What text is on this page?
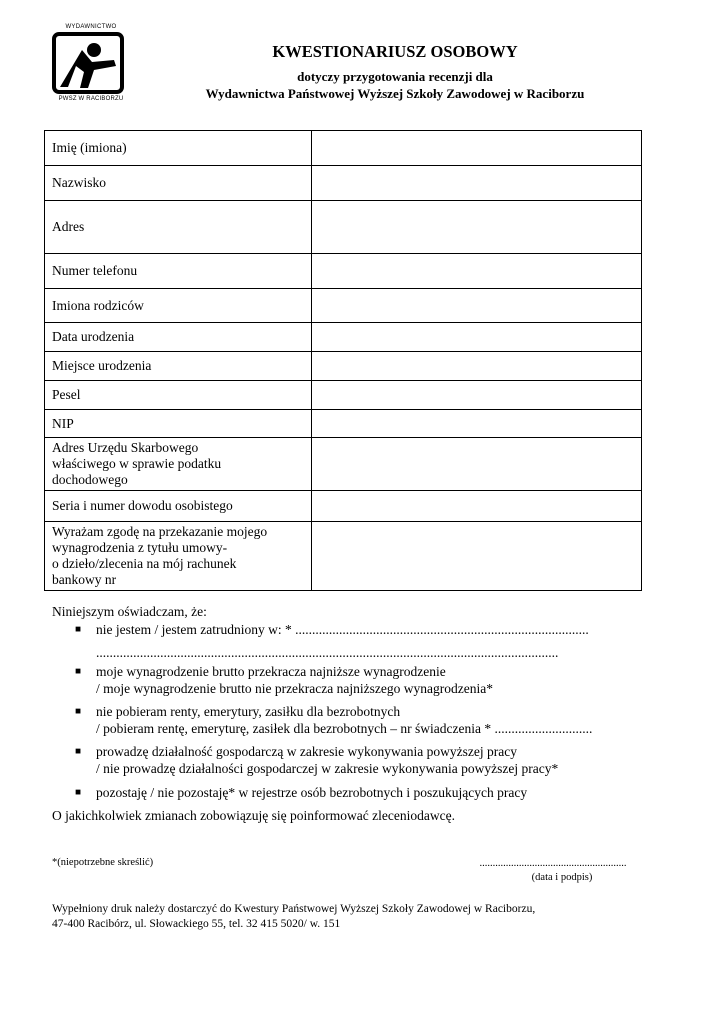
WYDAWNICTWO
PWSZ W RACIBORZU
KWESTIONARIUSZ OSOBOWY
dotyczy przygotowania recenzji dla
Wydawnictwa Państwowej Wyższej Szkoły Zawodowej w Raciborzu
Imię (imiona)	
Nazwisko	
Adres	
Numer telefonu	
Imiona rodziców	
Data urodzenia	
Miejsce urodzenia	
Pesel	
NIP	

Adres Urzędu Skarbowego
właściwego w sprawie podatku
dochodowego	

Seria i numer dowodu osobistego	

Wyrażam zgodę na przekazanie mojego
wynagrodzenia z tytułu umowy-
o dzieło/zlecenia na mój rachunek
bankowy nr	

Niniejszym oświadczam, że:
■ nie jestem / jestem zatrudniony w: * .......................................................................................
.........................................................................................................................................
■ moje wynagrodzenie brutto przekracza najniższe wynagrodzenie
/ moje wynagrodzenie brutto nie przekracza najniższego wynagrodzenia*
■ nie pobieram renty, emerytury, zasiłku dla bezrobotnych
/ pobieram rentę, emeryturę, zasiłek dla bezrobotnych – nr świadczenia * .............................
■ prowadzę działalność gospodarczą w zakresie wykonywania powyższej pracy
/ nie prowadzę działalności gospodarczej w zakresie wykonywania powyższej pracy*
■ pozostaję / nie pozostaję* w rejestrze osób bezrobotnych i poszukujących pracy
O jakichkolwiek zmianach zobowiązuję się poinformować zleceniodawcę.
*(niepotrzebne skreślić)	........................................................
(data i podpis)
Wypełniony druk należy dostarczyć do Kwestury Państwowej Wyższej Szkoły Zawodowej w Raciborzu,
47-400 Racibórz, ul. Słowackiego 55, tel. 32 415 5020/ w. 151
